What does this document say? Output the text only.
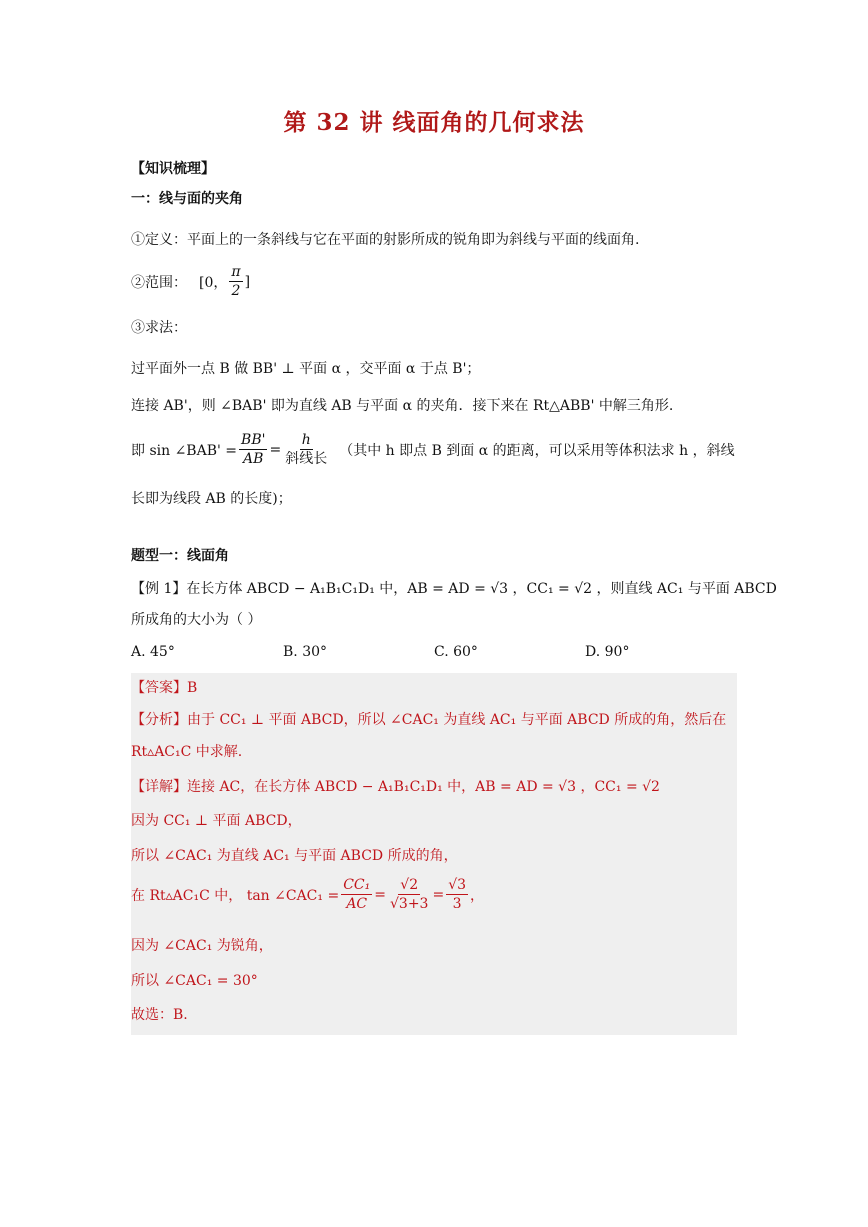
第 32 讲 线面角的几何求法
【知识梳理】
一：线与面的夹角
①定义：平面上的一条斜线与它在平面的射影所成的锐角即为斜线与平面的线面角.
②范围： [0， $\frac{\pi}{2}$ ]
③求法：
过平面外一点 B 做 BB' ⊥ 平面 α ，交平面 α 于点 B'；
连接 AB'，则 ∠BAB' 即为直线 AB 与平面 α 的夹角．接下来在 Rt△ABB' 中解三角形.
即 sin ∠BAB' = $\frac{BB'}{AB} = \frac{h}{\text{斜线长}}$ （其中 h 即点 B 到面 α 的距离，可以采用等体积法求 h ，斜线
长即为线段 AB 的长度)；
题型一：线面角
【例 1】在长方体 ABCD − A₁B₁C₁D₁ 中，AB = AD = √3 ，CC₁ = √2 ，则直线 AC₁ 与平面 ABCD
所成角的大小为（ ）
A. 45°	B. 30°	C. 60°	D. 90°
【答案】B
【分析】由于 CC₁ ⊥ 平面 ABCD，所以 ∠CAC₁ 为直线 AC₁ 与平面 ABCD 所成的角，然后在
Rt▵AC₁C 中求解.
【详解】连接 AC，在长方体 ABCD − A₁B₁C₁D₁ 中，AB = AD = √3 ，CC₁ = √2
因为 CC₁ ⊥ 平面 ABCD，
所以 ∠CAC₁ 为直线 AC₁ 与平面 ABCD 所成的角，
在 Rt▵AC₁C 中， tan ∠CAC₁ = $\frac{\text{CC₁}}{AC} = \frac{√2}{√3+3} = \frac{√3}{3}$ ，
因为 ∠CAC₁ 为锐角，
所以 ∠CAC₁ = 30°
故选：B.
